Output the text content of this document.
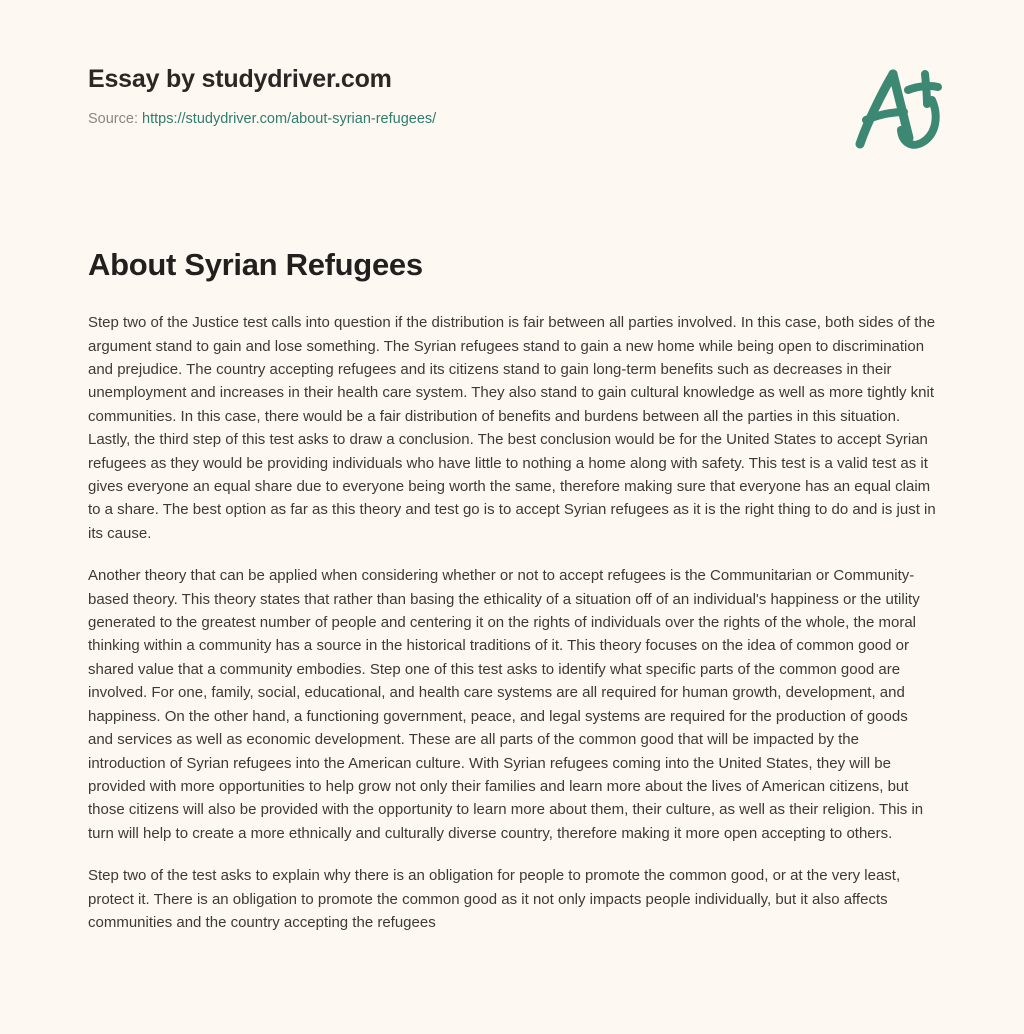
Essay by studydriver.com
Source: https://studydriver.com/about-syrian-refugees/
About Syrian Refugees

Step two of the Justice test calls into question if the distribution is fair between all parties involved. In this case, both sides of the argument stand to gain and lose something. The Syrian refugees stand to gain a new home while being open to discrimination and prejudice. The country accepting refugees and its citizens stand to gain long-term benefits such as decreases in their unemployment and increases in their health care system. They also stand to gain cultural knowledge as well as more tightly knit communities. In this case, there would be a fair distribution of benefits and burdens between all the parties in this situation. Lastly, the third step of this test asks to draw a conclusion. The best conclusion would be for the United States to accept Syrian refugees as they would be providing individuals who have little to nothing a home along with safety. This test is a valid test as it gives everyone an equal share due to everyone being worth the same, therefore making sure that everyone has an equal claim to a share. The best option as far as this theory and test go is to accept Syrian refugees as it is the right thing to do and is just in its cause.

Another theory that can be applied when considering whether or not to accept refugees is the Communitarian or Community-based theory. This theory states that rather than basing the ethicality of a situation off of an individual's happiness or the utility generated to the greatest number of people and centering it on the rights of individuals over the rights of the whole, the moral thinking within a community has a source in the historical traditions of it. This theory focuses on the idea of common good or shared value that a community embodies. Step one of this test asks to identify what specific parts of the common good are involved. For one, family, social, educational, and health care systems are all required for human growth, development, and happiness. On the other hand, a functioning government, peace, and legal systems are required for the production of goods and services as well as economic development. These are all parts of the common good that will be impacted by the introduction of Syrian refugees into the American culture. With Syrian refugees coming into the United States, they will be provided with more opportunities to help grow not only their families and learn more about the lives of American citizens, but those citizens will also be provided with the opportunity to learn more about them, their culture, as well as their religion. This in turn will help to create a more ethnically and culturally diverse country, therefore making it more open accepting to others.

Step two of the test asks to explain why there is an obligation for people to promote the common good, or at the very least, protect it. There is an obligation to promote the common good as it not only impacts people individually, but it also affects communities and the country accepting the refugees
